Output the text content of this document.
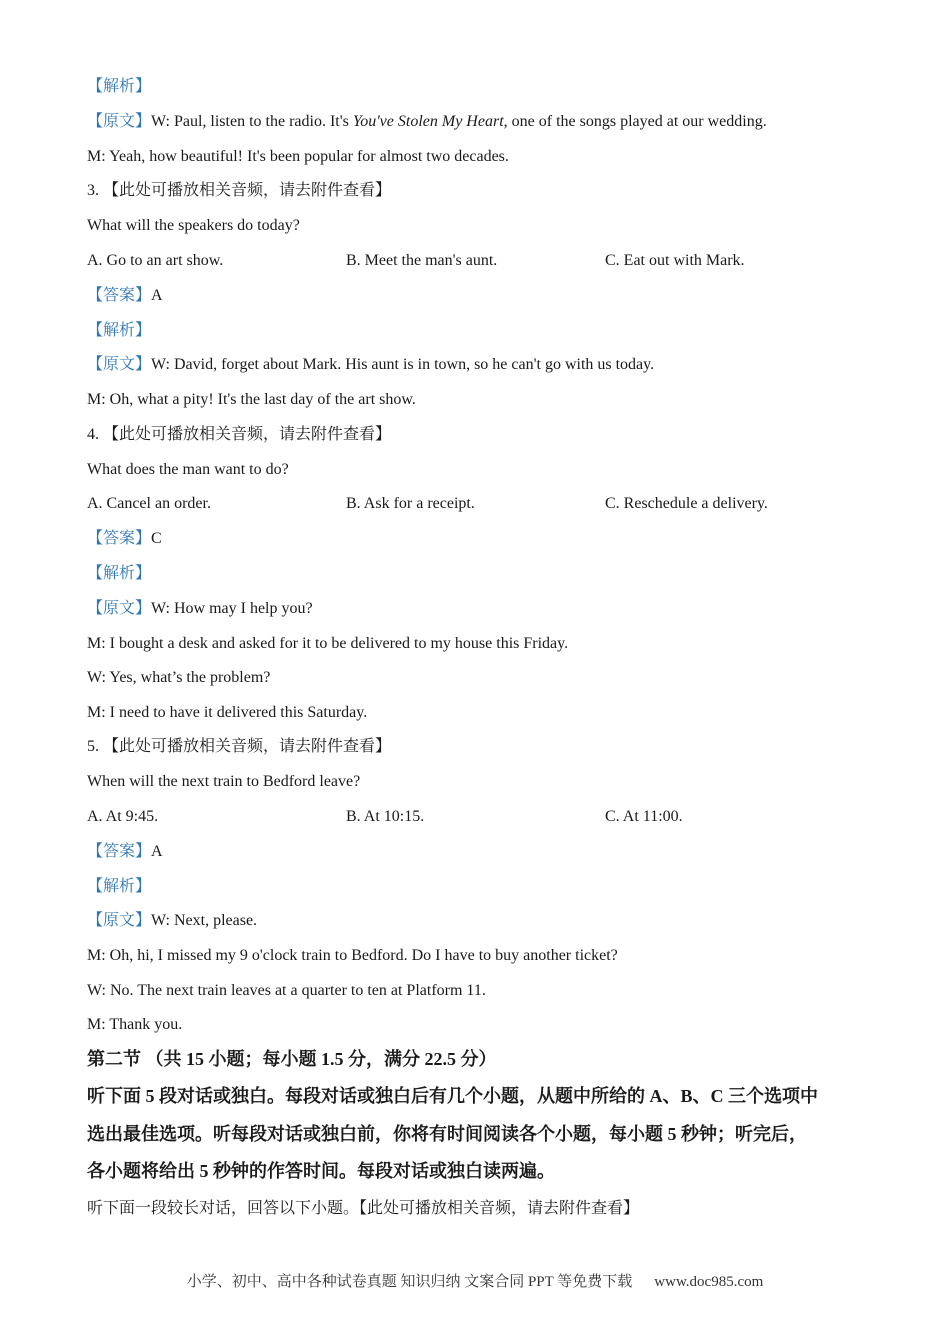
【解析】
【原文】W: Paul, listen to the radio. It's You've Stolen My Heart, one of the songs played at our wedding.
M: Yeah, how beautiful! It's been popular for almost two decades.
3. 【此处可播放相关音频，请去附件查看】
What will the speakers do today?
A. Go to an art show.	B. Meet the man's aunt.	C. Eat out with Mark.
【答案】A
【解析】
【原文】W: David, forget about Mark. His aunt is in town, so he can't go with us today.
M: Oh, what a pity! It's the last day of the art show.
4. 【此处可播放相关音频，请去附件查看】
What does the man want to do?
A. Cancel an order.	B. Ask for a receipt.	C. Reschedule a delivery.
【答案】C
【解析】
【原文】W: How may I help you?
M: I bought a desk and asked for it to be delivered to my house this Friday.
W: Yes, what’s the problem?
M: I need to have it delivered this Saturday.
5. 【此处可播放相关音频，请去附件查看】
When will the next train to Bedford leave?
A. At 9:45.	B. At 10:15.	C. At 11:00.
【答案】A
【解析】
【原文】W: Next, please.
M: Oh, hi, I missed my 9 o'clock train to Bedford. Do I have to buy another ticket?
W: No. The next train leaves at a quarter to ten at Platform 11.
M: Thank you.
第二节 （共 15 小题；每小题 1.5 分，满分 22.5 分）
听下面 5 段对话或独白。每段对话或独白后有几个小题，从题中所给的 A、B、C 三个选项中
选出最佳选项。听每段对话或独白前，你将有时间阅读各个小题，每小题 5 秒钟；听完后，
各小题将给出 5 秒钟的作答时间。每段对话或独白读两遍。
听下面一段较长对话，回答以下小题。【此处可播放相关音频，请去附件查看】
小学、初中、高中各种试卷真题 知识归纳 文案合同 PPT 等免费下载 www.doc985.com
